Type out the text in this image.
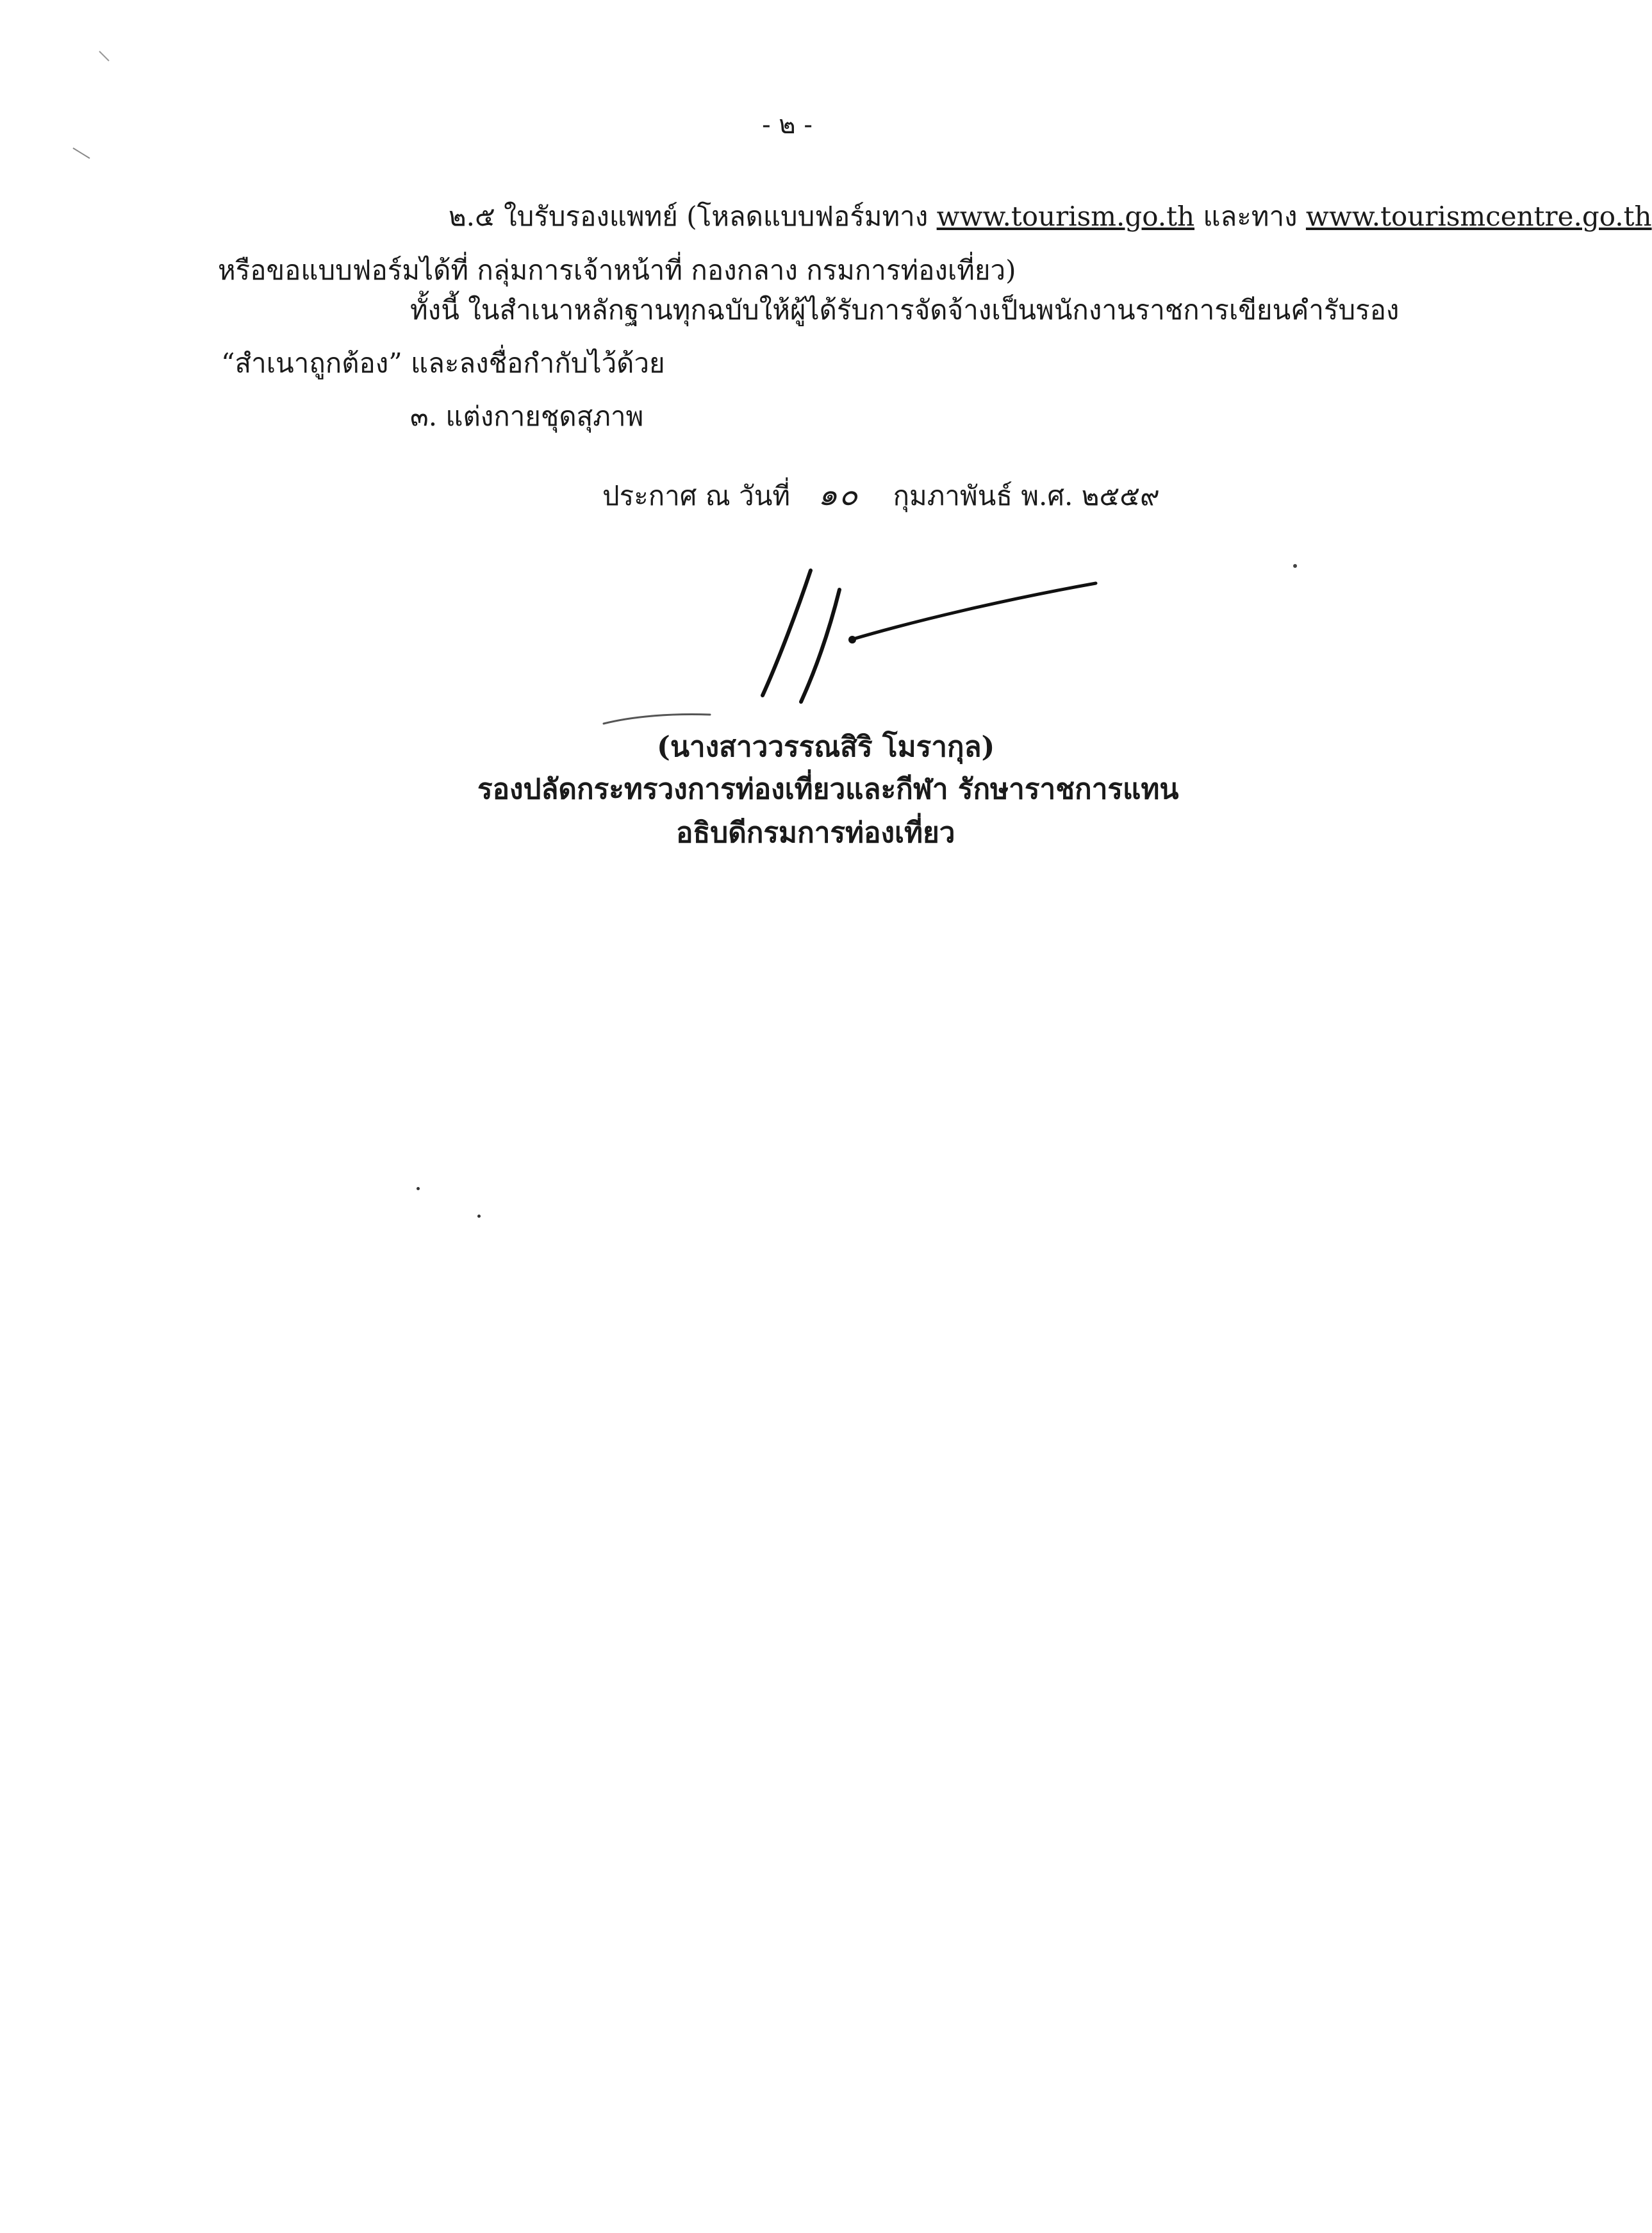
- ๒ -
๒.๕ ใบรับรองแพทย์ (โหลดแบบฟอร์มทาง www.tourism.go.th และทาง www.tourismcentre.go.th
หรือขอแบบฟอร์มได้ที่ กลุ่มการเจ้าหน้าที่ กองกลาง กรมการท่องเที่ยว)
ทั้งนี้ ในสำเนาหลักฐานทุกฉบับให้ผู้ได้รับการจัดจ้างเป็นพนักงานราชการเขียนคำรับรอง
“สำเนาถูกต้อง” และลงชื่อกำกับไว้ด้วย
๓. แต่งกายชุดสุภาพ
ประกาศ ณ วันที่ ๑๐ กุมภาพันธ์ พ.ศ. ๒๕๕๙
(นางสาววรรณสิริ โมรากุล)
รองปลัดกระทรวงการท่องเที่ยวและกีฬา รักษาราชการแทน
อธิบดีกรมการท่องเที่ยว
